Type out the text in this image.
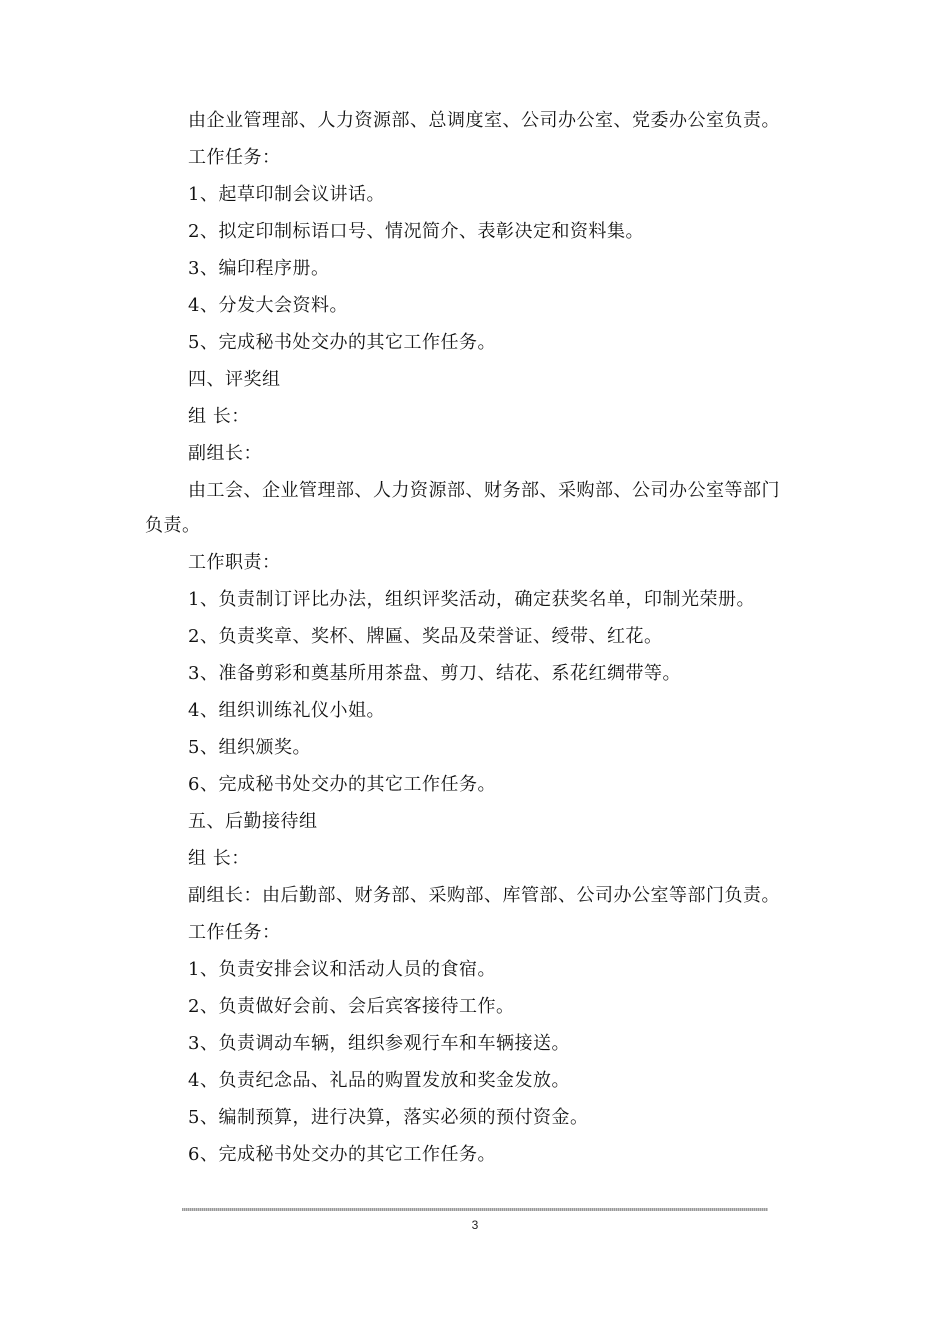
由企业管理部、人力资源部、总调度室、公司办公室、党委办公室负责。
工作任务：
1、起草印制会议讲话。
2、拟定印制标语口号、情况简介、表彰决定和资料集。
3、编印程序册。
4、分发大会资料。
5、完成秘书处交办的其它工作任务。
四、评奖组
组 长：
副组长：
由工会、企业管理部、人力资源部、财务部、采购部、公司办公室等部门
负责。
工作职责：
1、负责制订评比办法，组织评奖活动，确定获奖名单，印制光荣册。
2、负责奖章、奖杯、牌匾、奖品及荣誉证、绶带、红花。
3、准备剪彩和奠基所用茶盘、剪刀、结花、系花红绸带等。
4、组织训练礼仪小姐。
5、组织颁奖。
6、完成秘书处交办的其它工作任务。
五、后勤接待组
组 长：
副组长：由后勤部、财务部、采购部、库管部、公司办公室等部门负责。
工作任务：
1、负责安排会议和活动人员的食宿。
2、负责做好会前、会后宾客接待工作。
3、负责调动车辆，组织参观行车和车辆接送。
4、负责纪念品、礼品的购置发放和奖金发放。
5、编制预算，进行决算，落实必须的预付资金。
6、完成秘书处交办的其它工作任务。
3
